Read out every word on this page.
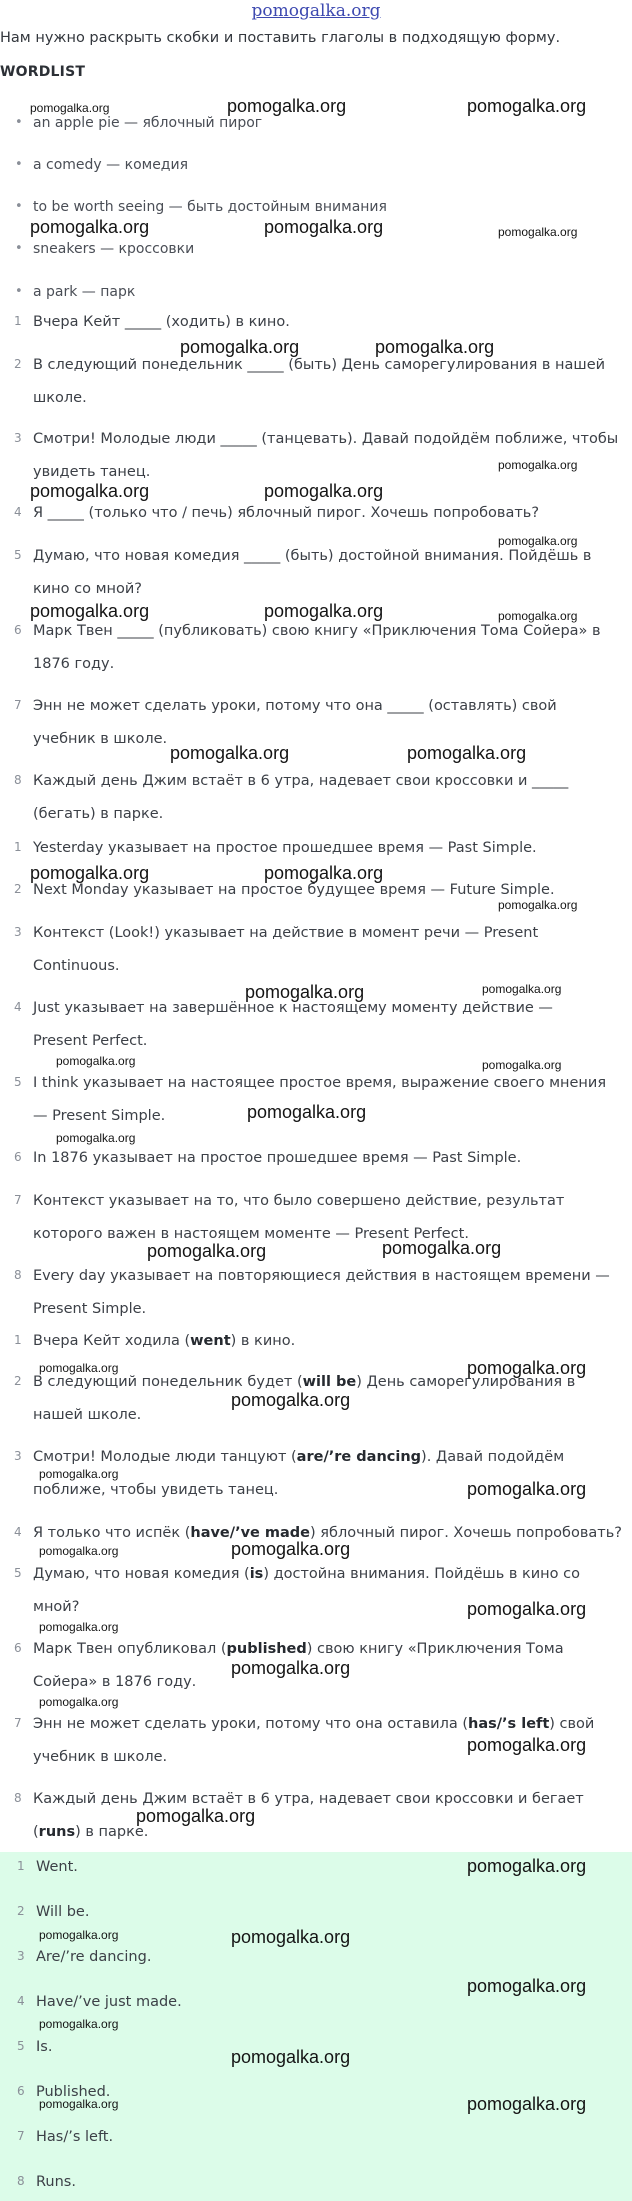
pomogalka.org
Нам нужно раскрыть скобки и поставить глаголы в подходящую форму.
WORDLIST
• an apple pie — яблочный пирог
• a comedy — комедия
• to be worth seeing — быть достойным внимания
• sneakers — кроссовки
• a park — парк
1 Вчера Кейт _____ (ходить) в кино.
2 В следующий понедельник _____ (быть) День саморегулирования в нашей
школе.
3 Смотри! Молодые люди _____ (танцевать). Давай подойдём поближе, чтобы
увидеть танец.
4 Я _____ (только что / печь) яблочный пирог. Хочешь попробовать?
5 Думаю, что новая комедия _____ (быть) достойной внимания. Пойдёшь в
кино со мной?
6 Марк Твен _____ (публиковать) свою книгу «Приключения Тома Сойера» в
1876 году.
7 Энн не может сделать уроки, потому что она _____ (оставлять) свой
учебник в школе.
8 Каждый день Джим встаёт в 6 утра, надевает свои кроссовки и _____
(бегать) в парке.
1 Yesterday указывает на простое прошедшее время — Past Simple.
2 Next Monday указывает на простое будущее время — Future Simple.
3 Контекст (Look!) указывает на действие в момент речи — Present
Continuous.
4 Just указывает на завершённое к настоящему моменту действие —
Present Perfect.
5 I think указывает на настоящее простое время, выражение своего мнения
— Present Simple.
6 In 1876 указывает на простое прошедшее время — Past Simple.
7 Контекст указывает на то, что было совершено действие, результат
которого важен в настоящем моменте — Present Perfect.
8 Every day указывает на повторяющиеся действия в настоящем времени —
Present Simple.
1 Вчера Кейт ходила (went) в кино.
2 В следующий понедельник будет (will be) День саморегулирования в
нашей школе.
3 Смотри! Молодые люди танцуют (are/’re dancing). Давай подойдём
поближе, чтобы увидеть танец.
4 Я только что испёк (have/’ve made) яблочный пирог. Хочешь попробовать?
5 Думаю, что новая комедия (is) достойна внимания. Пойдёшь в кино со
мной?
6 Марк Твен опубликовал (published) свою книгу «Приключения Тома
Сойера» в 1876 году.
7 Энн не может сделать уроки, потому что она оставила (has/’s left) свой
учебник в школе.
8 Каждый день Джим встаёт в 6 утра, надевает свои кроссовки и бегает
(runs) в парке.
1 Went.
2 Will be.
3 Are/’re dancing.
4 Have/’ve just made.
5 Is.
6 Published.
7 Has/’s left.
8 Runs.
pomogalka.org	pomogalka.org	pomogalka.org
pomogalka.org	pomogalka.org	pomogalka.org
pomogalka.org	pomogalka.org
pomogalka.org
pomogalka.org	pomogalka.org
pomogalka.org
pomogalka.org	pomogalka.org	pomogalka.org
pomogalka.org	pomogalka.org
pomogalka.org
pomogalka.org	pomogalka.org
pomogalka.org
pomogalka.org	pomogalka.org
pomogalka.org
pomogalka.org
pomogalka.org
pomogalka.org	pomogalka.org
pomogalka.org	pomogalka.org
pomogalka.org
pomogalka.org
pomogalka.org
pomogalka.org	pomogalka.org
pomogalka.org
pomogalka.org
pomogalka.org
pomogalka.org
pomogalka.org
pomogalka.org
pomogalka.org
pomogalka.org	pomogalka.org
pomogalka.org
pomogalka.org
pomogalka.org
pomogalka.org	pomogalka.org
